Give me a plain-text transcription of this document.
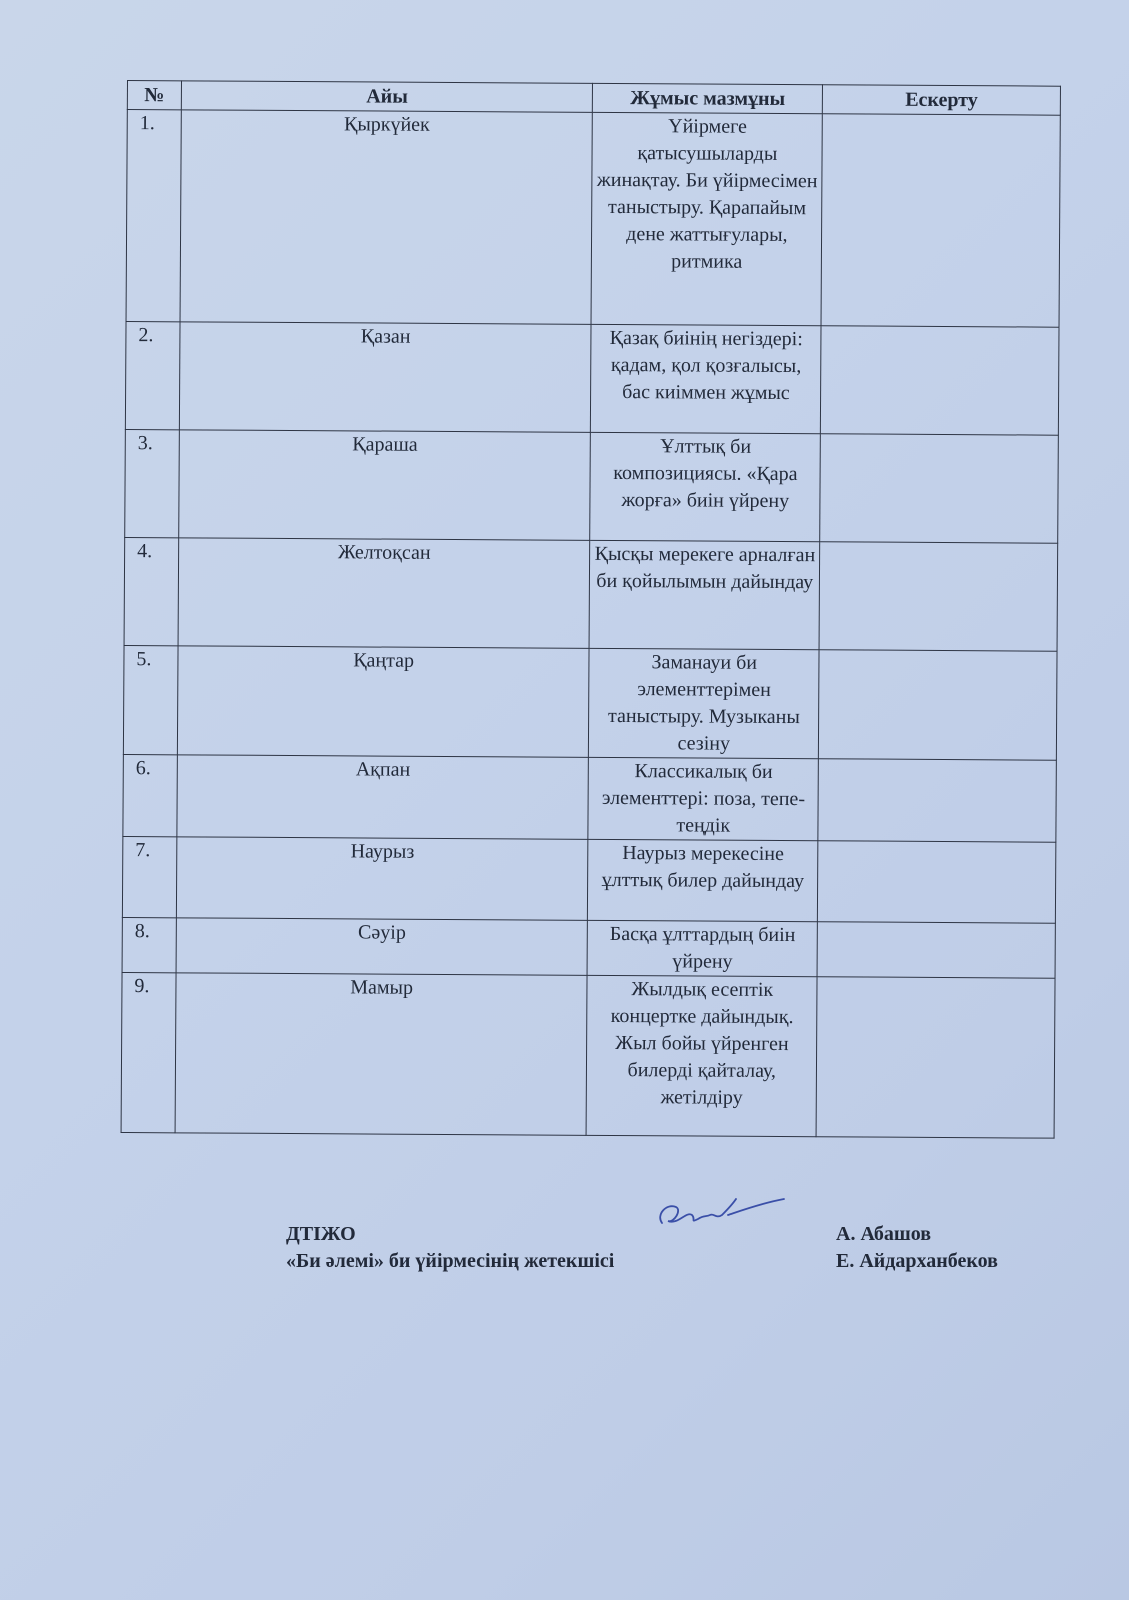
№	Айы	Жұмыс мазмұны	Ескерту
1.	Қыркүйек	Үйірмеге қатысушыларды жинақтау. Би үйірмесімен таныстыру. Қарапайым дене жаттығулары, ритмика	
2.	Қазан	Қазақ биінің негіздері: қадам, қол қозғалысы, бас киіммен жұмыс	
3.	Қараша	Ұлттық би композициясы. «Қара жорға» биін үйрену	
4.	Желтоқсан	Қысқы мерекеге арналған би қойылымын дайындау	
5.	Қаңтар	Заманауи би элементтерімен таныстыру. Музыканы сезіну	
6.	Ақпан	Классикалық би элементтері: поза, тепе-теңдік	
7.	Наурыз	Наурыз мерекесіне ұлттық билер дайындау	
8.	Сәуір	Басқа ұлттардың биін үйрену	
9.	Мамыр	Жылдық есептік концертке дайындық. Жыл бойы үйренген билерді қайталау, жетілдіру	
ДТІЖО
«Би әлемі» би үйірмесінің жетекшісі
А. Абашов
Е. Айдарханбеков
